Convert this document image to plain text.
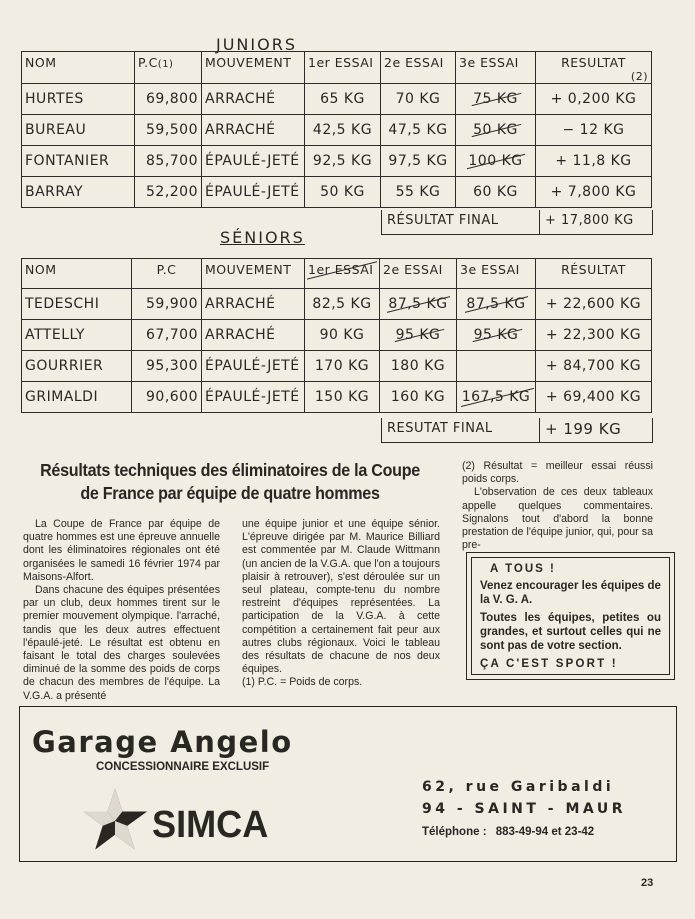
JUNIORS
NOM	P.C(1)	MOUVEMENT	1er ESSAI	2e ESSAI	3e ESSAI	RESULTAT

(2)

HURTES	69,800	ARRACHÉ	65 KG	70 KG	75 KG	+ 0,200 KG
BUREAU	59,500	ARRACHÉ	42,5 KG	47,5 KG	50 KG	− 12 KG
FONTANIER	85,700	ÉPAULÉ-JETÉ	92,5 KG	97,5 KG	100 KG	+ 11,8 KG
BARRAY	52,200	ÉPAULÉ-JETÉ	50 KG	55 KG	60 KG	+ 7,800 KG
RÉSULTAT FINAL	+ 17,800 KG
SÉNIORS
NOM	P.C	MOUVEMENT	1er ESSAI	2e ESSAI	3e ESSAI	RÉSULTAT
TEDESCHI	59,900	ARRACHÉ	82,5 KG	87,5 KG	87,5 KG	+ 22,600 KG
ATTELLY	67,700	ARRACHÉ	90 KG	95 KG	95 KG	+ 22,300 KG
GOURRIER	95,300	ÉPAULÉ-JETÉ	170 KG	180 KG		+ 84,700 KG
GRIMALDI	90,600	ÉPAULÉ-JETÉ	150 KG	160 KG	167,5 KG	+ 69,400 KG
RESUTAT FINAL	+ 199 KG
Résultats techniques des éliminatoires de la Coupe de France par équipe de quatre hommes

La Coupe de France par équipe de quatre hommes est une épreuve annuelle dont les éliminatoires régionales ont été organisées le samedi 16 février 1974 par Maisons-Alfort.

Dans chacune des équipes présentées par un club, deux hommes tirent sur le premier mouvement olympique. l'arraché, tandis que les deux autres effectuent l'épaulé-jeté. Le résultat est obtenu en faisant le total des charges soulevées diminué de la somme des poids de corps de chacun des membres de l'équipe. La V.G.A. a présenté

une équipe junior et une équipe sénior. L'épreuve dirigée par M. Maurice Billiard est commentée par M. Claude Wittmann (un ancien de la V.G.A. que l'on a toujours plaisir à retrouver), s'est déroulée sur un seul plateau, compte-tenu du nombre restreint d'équipes représentées. La participation de la V.G.A. à cette compétition a certainement fait peur aux autres clubs régionaux. Voici le tableau des résultats de chacune de nos deux équipes.

(1) P.C. = Poids de corps.

(2) Résultat = meilleur essai réussi poids corps.

L'observation de ces deux tableaux appelle quelques commentaires. Signalons tout d'abord la bonne prestation de l'équipe junior, qui, pour sa pre-

A TOUS !
Venez encourager les équipes de la V. G. A.
Toutes les équipes, petites ou grandes, et surtout celles qui ne sont pas de votre section.
ÇA C'EST SPORT !
Garage Angelo
CONCESSIONNAIRE EXCLUSIF
SIMCA
62, rue Garibaldi
94 - SAINT - MAUR
Téléphone : 883-49-94 et 23-42
23
